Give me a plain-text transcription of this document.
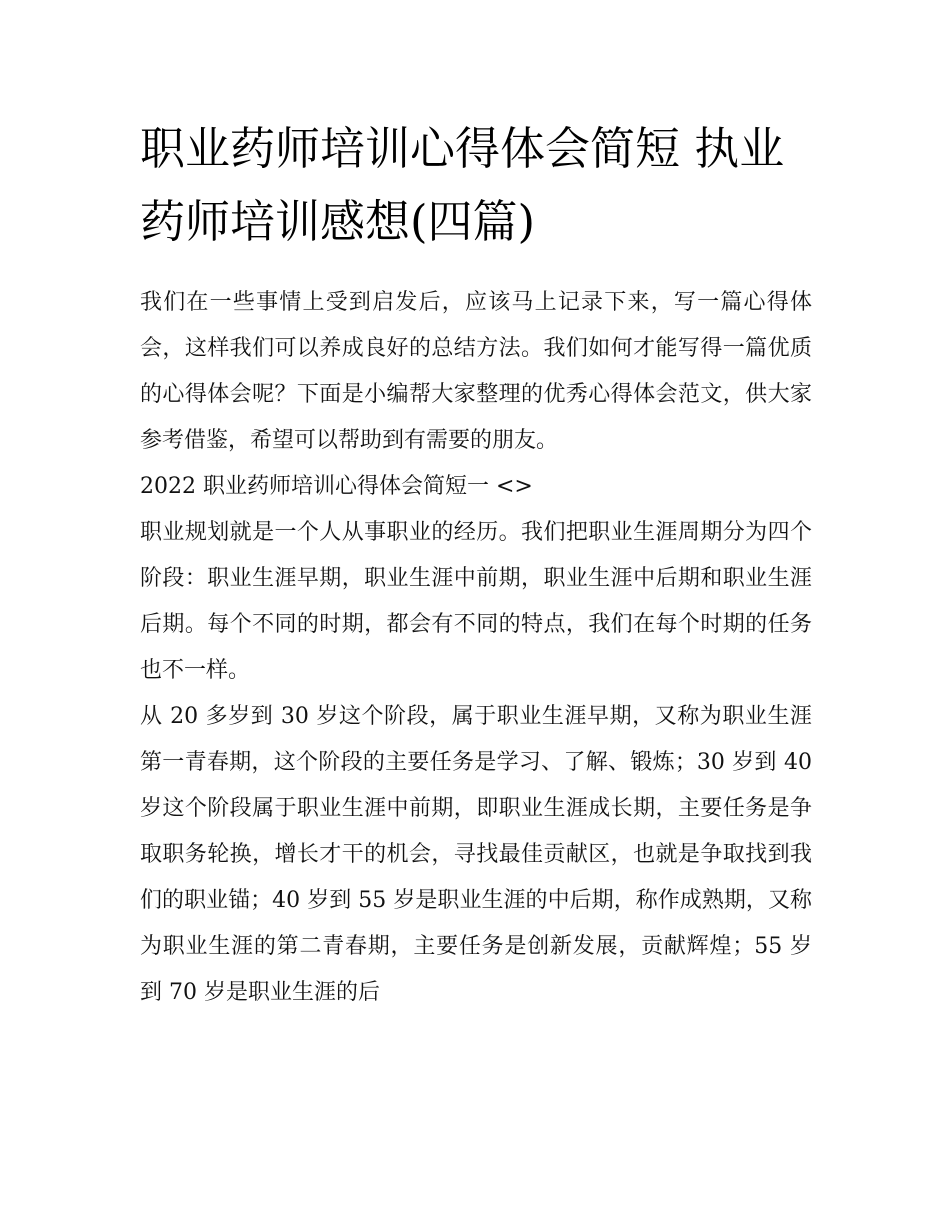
职业药师培训心得体会简短 执业药师培训感想(四篇)

我们在一些事情上受到启发后，应该马上记录下来，写一篇心得体会，这样我们可以养成良好的总结方法。我们如何才能写得一篇优质的心得体会呢？下面是小编帮大家整理的优秀心得体会范文，供大家参考借鉴，希望可以帮助到有需要的朋友。

2022 职业药师培训心得体会简短一 <>

职业规划就是一个人从事职业的经历。我们把职业生涯周期分为四个阶段：职业生涯早期，职业生涯中前期，职业生涯中后期和职业生涯后期。每个不同的时期，都会有不同的特点，我们在每个时期的任务也不一样。

从 20 多岁到 30 岁这个阶段，属于职业生涯早期，又称为职业生涯第一青春期，这个阶段的主要任务是学习、了解、锻炼；30 岁到 40 岁这个阶段属于职业生涯中前期，即职业生涯成长期，主要任务是争取职务轮换，增长才干的机会，寻找最佳贡献区，也就是争取找到我们的职业锚；40 岁到 55 岁是职业生涯的中后期，称作成熟期，又称为职业生涯的第二青春期，主要任务是创新发展，贡献辉煌；55 岁到 70 岁是职业生涯的后
